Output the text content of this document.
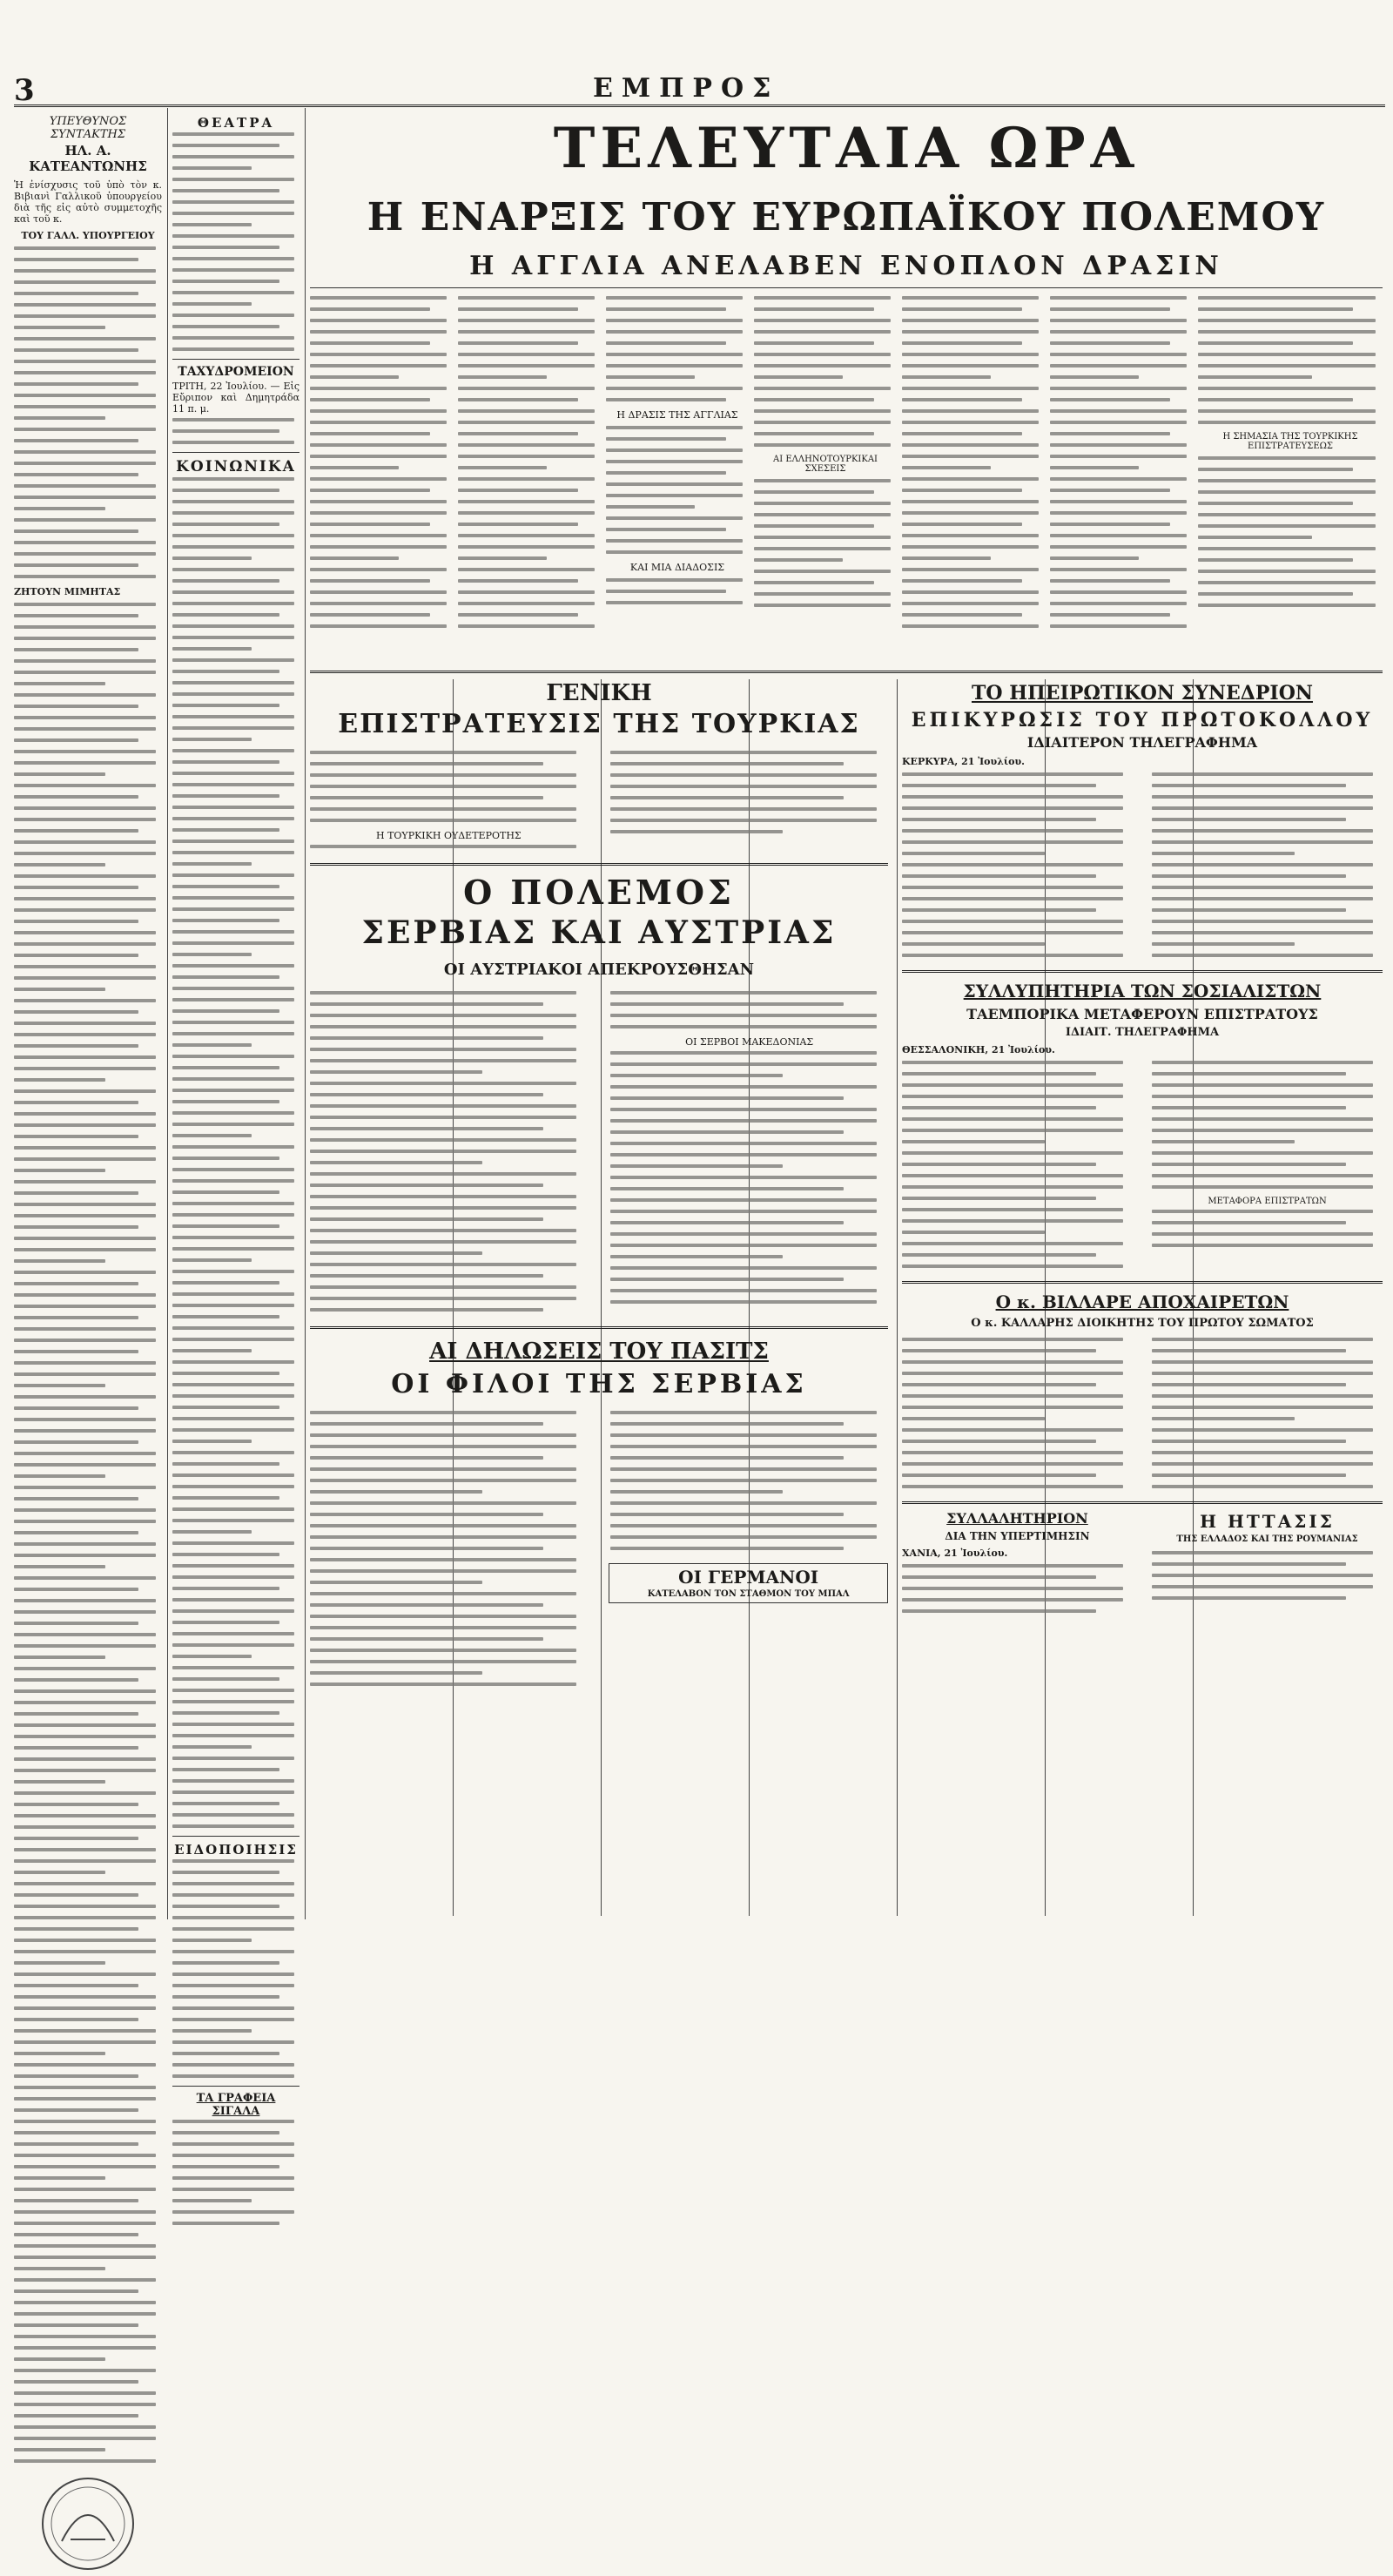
3	ΕΜΠΡΟΣ
ΥΠΕΥΘΥΝΟΣ ΣΥΝΤΑΚΤΗΣ
ΗΛ. Α. ΚΑΤΕΑΝΤΩΝΗΣ
Ἡ ἐνίσχυσις τοῦ ὑπὸ τὸν κ. Βιβιανὶ Γαλλικοῦ ὑπουργείου διὰ τῆς εἰς αὐτὸ συμμετοχῆς καὶ τοῦ κ.
ΤΟΥ ΓΑΛΛ. ΥΠΟΥΡΓΕΙΟΥ
ΖΗΤΟΥΝ ΜΙΜΗΤΑΣ
ΘΕΑΤΡΑ
ΤΑΧΥΔΡΟΜΕΙΟΝ
ΤΡΙΤΗ, 22 Ἰουλίου. — Εἰς Εὔριπον καὶ Δημητράδα 11 π. μ.
ΚΟΙΝΩΝΙΚΑ
ΕΙΔΟΠΟΙΗΣΙΣ
ΤΑ ΓΡΑΦΕΙΑ ΣΙΓΑΛΑ
ΤΕΛΕΥΤΑΙΑ ΩΡΑ
Η ΕΝΑΡΞΙΣ ΤΟΥ ΕΥΡΩΠΑΪΚΟΥ ΠΟΛΕΜΟΥ
Η ΑΓΓΛΙΑ ΑΝΕΛΑΒΕΝ ΕΝΟΠΛΟΝ ΔΡΑΣΙΝ
Η ΔΡΑΣΙΣ ΤΗΣ ΑΓΓΛΙΑΣ
ΚΑΙ ΜΙΑ ΔΙΑΔΟΣΙΣ
ΑΙ ΕΛΛΗΝΟΤΟΥΡΚΙΚΑΙ ΣΧΕΣΕΙΣ
Η ΣΗΜΑΣΙΑ ΤΗΣ ΤΟΥΡΚΙΚΗΣ ΕΠΙΣΤΡΑΤΕΥΣΕΩΣ
ΓΕΝΙΚΗ
ΕΠΙΣΤΡΑΤΕΥΣΙΣ ΤΗΣ ΤΟΥΡΚΙΑΣ
Η ΤΟΥΡΚΙΚΗ ΟΥΔΕΤΕΡΟΤΗΣ
Ο ΠΟΛΕΜΟΣ
ΣΕΡΒΙΑΣ ΚΑΙ ΑΥΣΤΡΙΑΣ
ΟΙ ΑΥΣΤΡΙΑΚΟΙ ΑΠΕΚΡΟΥΣΘΗΣΑΝ
ΟΙ ΣΕΡΒΟΙ ΜΑΚΕΔΟΝΙΑΣ
ΑΙ ΔΗΛΩΣΕΙΣ ΤΟΥ ΠΑΣΙΤΣ
ΟΙ ΦΙΛΟΙ ΤΗΣ ΣΕΡΒΙΑΣ
ΟΙ ΓΕΡΜΑΝΟΙ
ΚΑΤΕΛΑΒΟΝ ΤΟΝ ΣΤΑΘΜΟΝ ΤΟΥ ΜΠΑΛ
ΤΟ ΗΠΕΙΡΩΤΙΚΟΝ ΣΥΝΕΔΡΙΟΝ
ΕΠΙΚΥΡΩΣΙΣ ΤΟΥ ΠΡΩΤΟΚΟΛΛΟΥ
ΙΔΙΑΙΤΕΡΟΝ ΤΗΛΕΓΡΑΦΗΜΑ
ΚΕΡΚΥΡΑ, 21 Ἰουλίου.
ΣΥΛΛΥΠΗΤΗΡΙΑ ΤΩΝ ΣΟΣΙΑΛΙΣΤΩΝ
ΤΑΕΜΠΟΡΙΚΑ ΜΕΤΑΦΕΡΟΥΝ ΕΠΙΣΤΡΑΤΟΥΣ
ΙΔΙΑΙΤ. ΤΗΛΕΓΡΑΦΗΜΑ
ΘΕΣΣΑΛΟΝΙΚΗ, 21 Ἰουλίου.
ΜΕΤΑΦΟΡΑ ΕΠΙΣΤΡΑΤΩΝ
Ο κ. ΒΙΛΛΑΡΕ ΑΠΟΧΑΙΡΕΤΩΝ
Ο κ. ΚΑΛΛΑΡΗΣ ΔΙΟΙΚΗΤΗΣ ΤΟΥ ΠΡΩΤΟΥ ΣΩΜΑΤΟΣ
ΣΥΛΛΑΛΗΤΗΡΙΟΝ
ΔΙΑ ΤΗΝ ΥΠΕΡΤΙΜΗΣΙΝ
ΧΑΝΙΑ, 21 Ἰουλίου.
Η ΗΤΤΑΣΙΣ
ΤΗΣ ΕΛΛΑΔΟΣ ΚΑΙ ΤΗΣ ΡΟΥΜΑΝΙΑΣ
